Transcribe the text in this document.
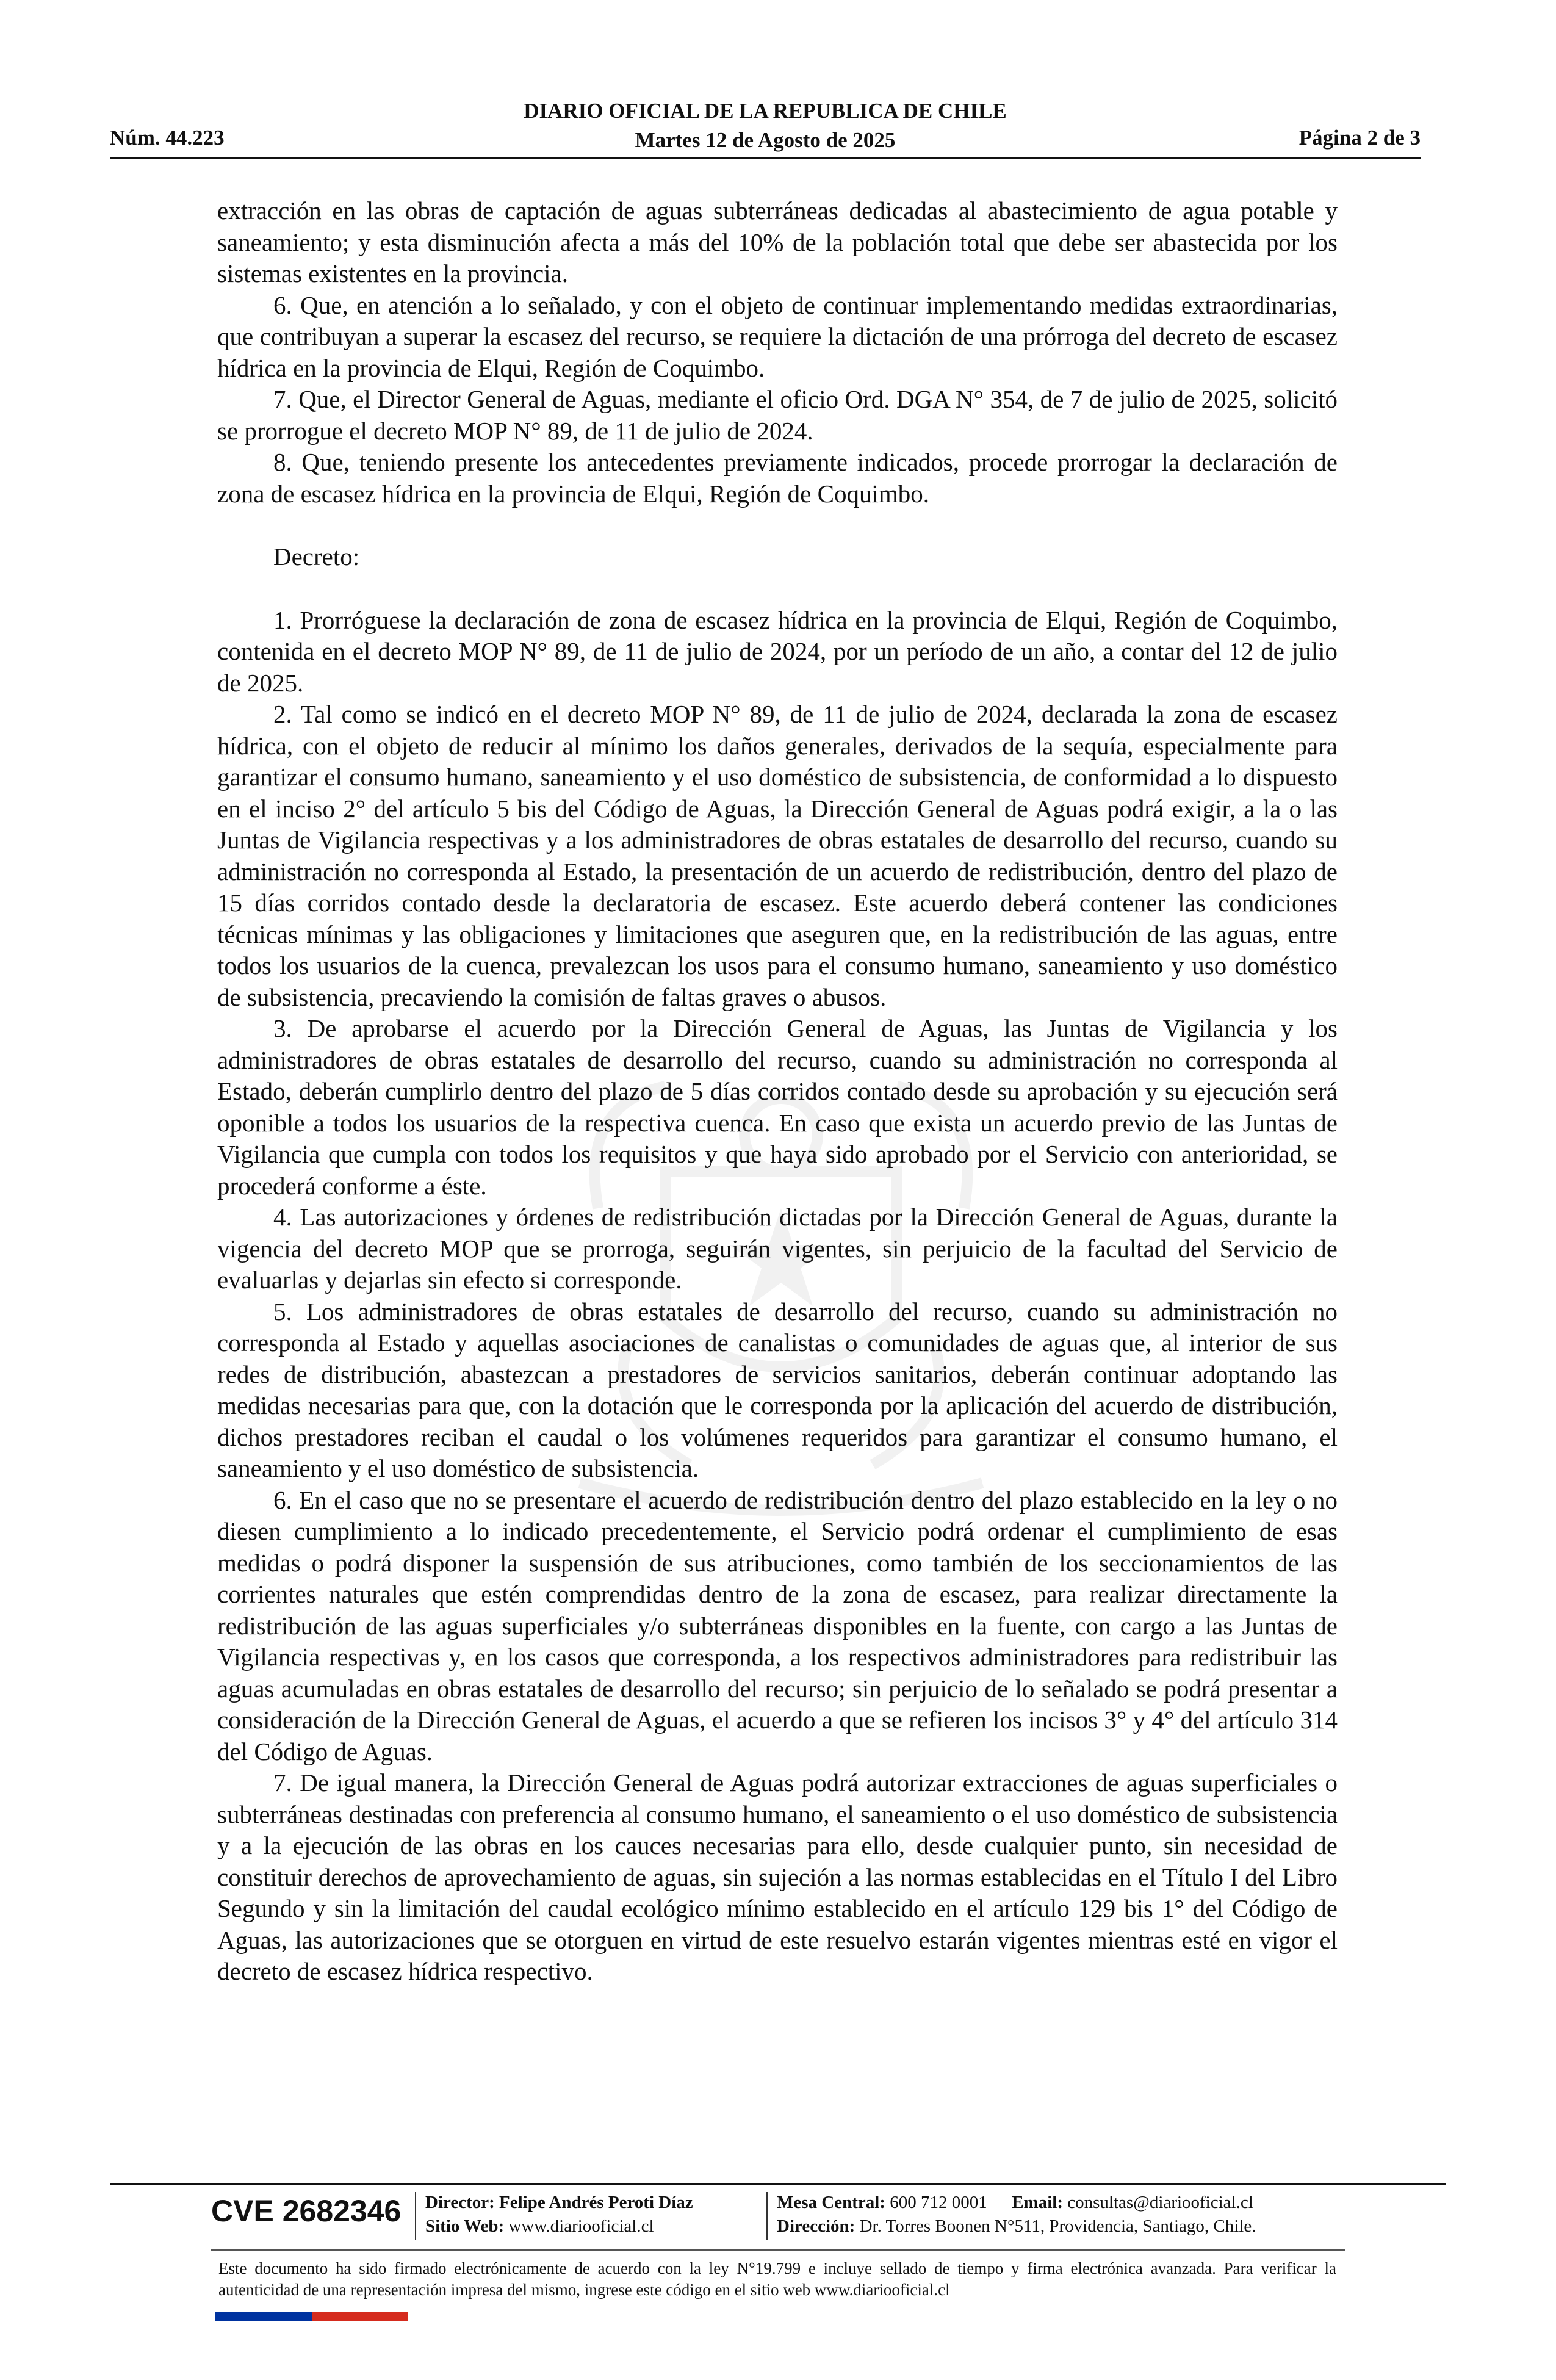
DIARIO OFICIAL DE LA REPUBLICA DE CHILE
Martes 12 de Agosto de 2025
Núm. 44.223	Página 2 de 3

extracción en las obras de captación de aguas subterráneas dedicadas al abastecimiento de agua potable y saneamiento; y esta disminución afecta a más del 10% de la población total que debe ser abastecida por los sistemas existentes en la provincia.

6. Que, en atención a lo señalado, y con el objeto de continuar implementando medidas extraordinarias, que contribuyan a superar la escasez del recurso, se requiere la dictación de una prórroga del decreto de escasez hídrica en la provincia de Elqui, Región de Coquimbo.

7. Que, el Director General de Aguas, mediante el oficio Ord. DGA N° 354, de 7 de julio de 2025, solicitó se prorrogue el decreto MOP N° 89, de 11 de julio de 2024.

8. Que, teniendo presente los antecedentes previamente indicados, procede prorrogar la declaración de zona de escasez hídrica en la provincia de Elqui, Región de Coquimbo.

Decreto:

1. Prorróguese la declaración de zona de escasez hídrica en la provincia de Elqui, Región de Coquimbo, contenida en el decreto MOP N° 89, de 11 de julio de 2024, por un período de un año, a contar del 12 de julio de 2025.

2. Tal como se indicó en el decreto MOP N° 89, de 11 de julio de 2024, declarada la zona de escasez hídrica, con el objeto de reducir al mínimo los daños generales, derivados de la sequía, especialmente para garantizar el consumo humano, saneamiento y el uso doméstico de subsistencia, de conformidad a lo dispuesto en el inciso 2° del artículo 5 bis del Código de Aguas, la Dirección General de Aguas podrá exigir, a la o las Juntas de Vigilancia respectivas y a los administradores de obras estatales de desarrollo del recurso, cuando su administración no corresponda al Estado, la presentación de un acuerdo de redistribución, dentro del plazo de 15 días corridos contado desde la declaratoria de escasez. Este acuerdo deberá contener las condiciones técnicas mínimas y las obligaciones y limitaciones que aseguren que, en la redistribución de las aguas, entre todos los usuarios de la cuenca, prevalezcan los usos para el consumo humano, saneamiento y uso doméstico de subsistencia, precaviendo la comisión de faltas graves o abusos.

3. De aprobarse el acuerdo por la Dirección General de Aguas, las Juntas de Vigilancia y los administradores de obras estatales de desarrollo del recurso, cuando su administración no corresponda al Estado, deberán cumplirlo dentro del plazo de 5 días corridos contado desde su aprobación y su ejecución será oponible a todos los usuarios de la respectiva cuenca. En caso que exista un acuerdo previo de las Juntas de Vigilancia que cumpla con todos los requisitos y que haya sido aprobado por el Servicio con anterioridad, se procederá conforme a éste.

4. Las autorizaciones y órdenes de redistribución dictadas por la Dirección General de Aguas, durante la vigencia del decreto MOP que se prorroga, seguirán vigentes, sin perjuicio de la facultad del Servicio de evaluarlas y dejarlas sin efecto si corresponde.

5. Los administradores de obras estatales de desarrollo del recurso, cuando su administración no corresponda al Estado y aquellas asociaciones de canalistas o comunidades de aguas que, al interior de sus redes de distribución, abastezcan a prestadores de servicios sanitarios, deberán continuar adoptando las medidas necesarias para que, con la dotación que le corresponda por la aplicación del acuerdo de distribución, dichos prestadores reciban el caudal o los volúmenes requeridos para garantizar el consumo humano, el saneamiento y el uso doméstico de subsistencia.

6. En el caso que no se presentare el acuerdo de redistribución dentro del plazo establecido en la ley o no diesen cumplimiento a lo indicado precedentemente, el Servicio podrá ordenar el cumplimiento de esas medidas o podrá disponer la suspensión de sus atribuciones, como también de los seccionamientos de las corrientes naturales que estén comprendidas dentro de la zona de escasez, para realizar directamente la redistribución de las aguas superficiales y/o subterráneas disponibles en la fuente, con cargo a las Juntas de Vigilancia respectivas y, en los casos que corresponda, a los respectivos administradores para redistribuir las aguas acumuladas en obras estatales de desarrollo del recurso; sin perjuicio de lo señalado se podrá presentar a consideración de la Dirección General de Aguas, el acuerdo a que se refieren los incisos 3° y 4° del artículo 314 del Código de Aguas.

7. De igual manera, la Dirección General de Aguas podrá autorizar extracciones de aguas superficiales o subterráneas destinadas con preferencia al consumo humano, el saneamiento o el uso doméstico de subsistencia y a la ejecución de las obras en los cauces necesarias para ello, desde cualquier punto, sin necesidad de constituir derechos de aprovechamiento de aguas, sin sujeción a las normas establecidas en el Título I del Libro Segundo y sin la limitación del caudal ecológico mínimo establecido en el artículo 129 bis 1° del Código de Aguas, las autorizaciones que se otorguen en virtud de este resuelvo estarán vigentes mientras esté en vigor el decreto de escasez hídrica respectivo.

CVE 2682346 Director: Felipe Andrés Peroti Díaz
Sitio Web: www.diariooficial.cl
Mesa Central: 600 712 0001 Email: consultas@diariooficial.cl
Dirección: Dr. Torres Boonen N°511, Providencia, Santiago, Chile.
Este documento ha sido firmado electrónicamente de acuerdo con la ley N°19.799 e incluye sellado de tiempo y firma electrónica avanzada. Para verificar la autenticidad de una representación impresa del mismo, ingrese este código en el sitio web www.diariooficial.cl
